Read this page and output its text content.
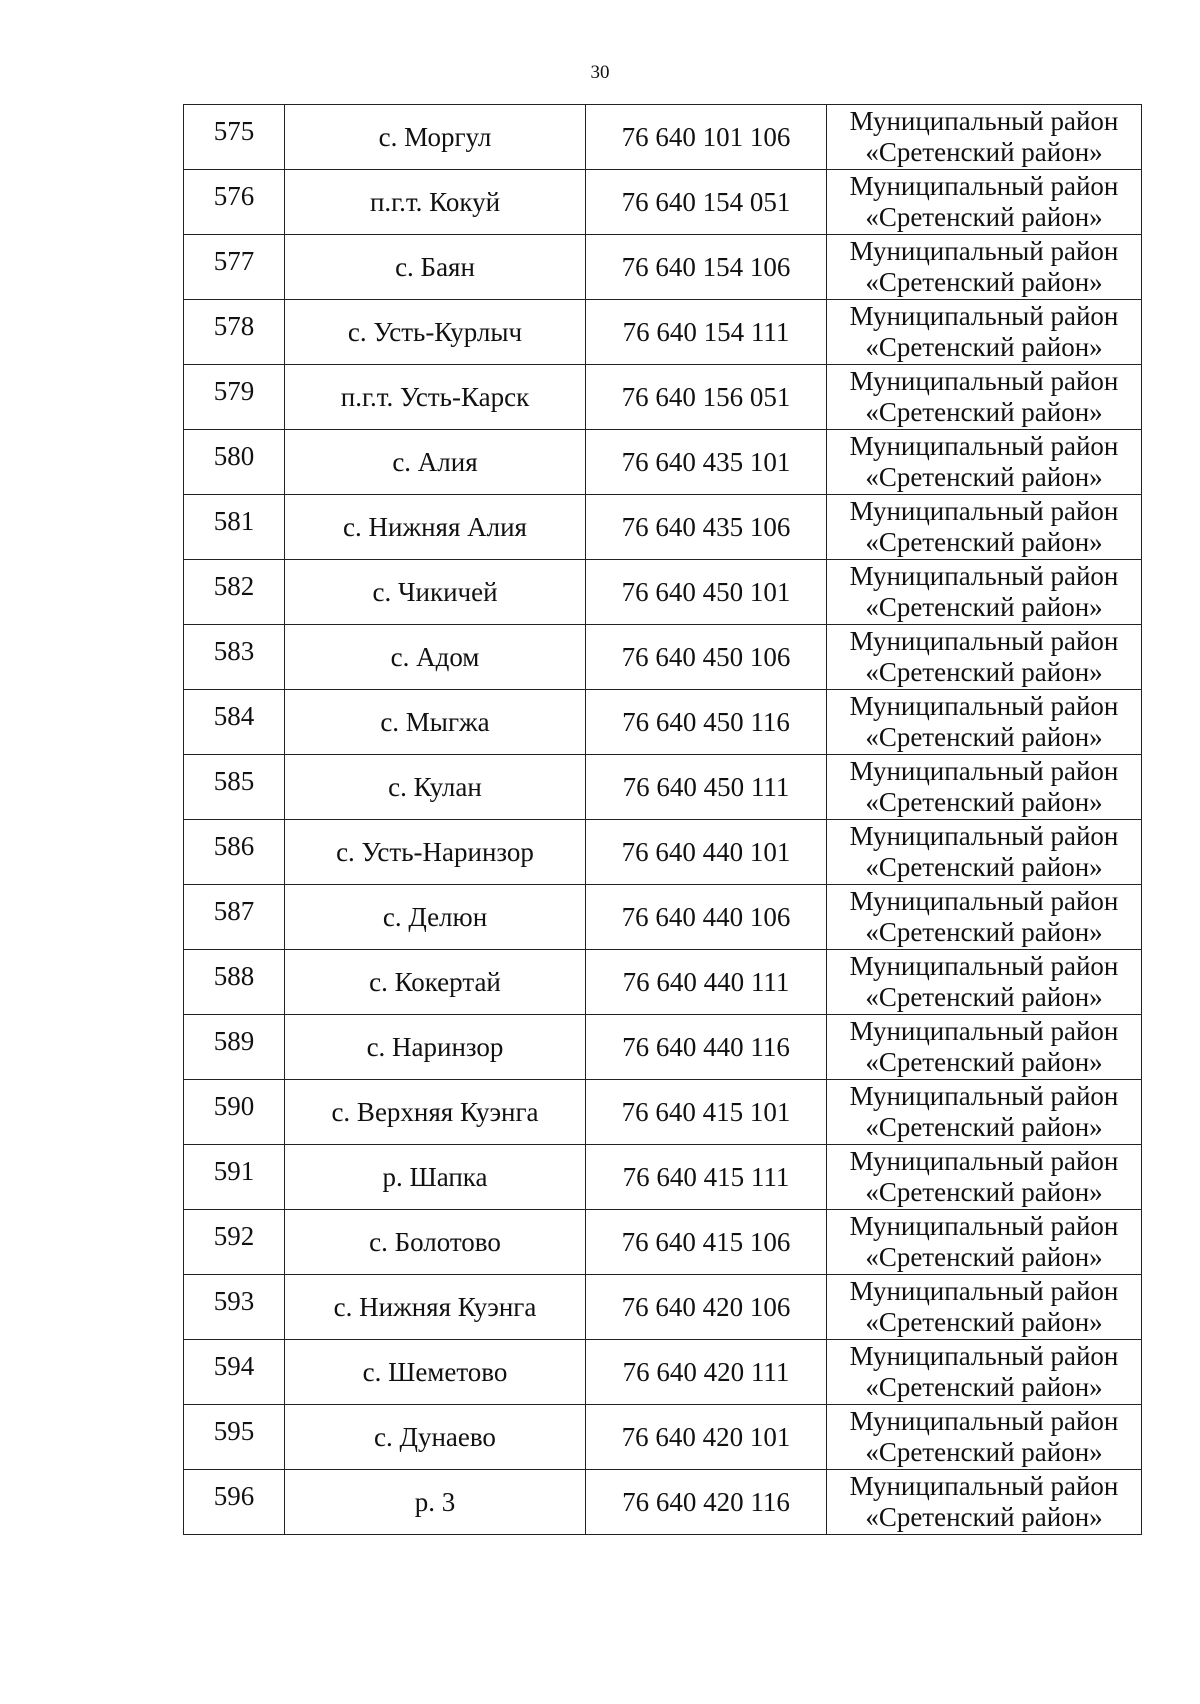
30
575	с. Моргул	76 640 101 106	Муниципальный район
«Сретенский район»

576	п.г.т. Кокуй	76 640 154 051	Муниципальный район
«Сретенский район»

577	с. Баян	76 640 154 106	Муниципальный район
«Сретенский район»

578	с. Усть-Курлыч	76 640 154 111	Муниципальный район
«Сретенский район»

579	п.г.т. Усть-Карск	76 640 156 051	Муниципальный район
«Сретенский район»

580	с. Алия	76 640 435 101	Муниципальный район
«Сретенский район»

581	с. Нижняя Алия	76 640 435 106	Муниципальный район
«Сретенский район»

582	с. Чикичей	76 640 450 101	Муниципальный район
«Сретенский район»

583	с. Адом	76 640 450 106	Муниципальный район
«Сретенский район»

584	с. Мыгжа	76 640 450 116	Муниципальный район
«Сретенский район»

585	с. Кулан	76 640 450 111	Муниципальный район
«Сретенский район»

586	с. Усть-Наринзор	76 640 440 101	Муниципальный район
«Сретенский район»

587	с. Делюн	76 640 440 106	Муниципальный район
«Сретенский район»

588	с. Кокертай	76 640 440 111	Муниципальный район
«Сретенский район»

589	с. Наринзор	76 640 440 116	Муниципальный район
«Сретенский район»

590	с. Верхняя Куэнга	76 640 415 101	Муниципальный район
«Сретенский район»

591	р. Шапка	76 640 415 111	Муниципальный район
«Сретенский район»

592	с. Болотово	76 640 415 106	Муниципальный район
«Сретенский район»

593	с. Нижняя Куэнга	76 640 420 106	Муниципальный район
«Сретенский район»

594	с. Шеметово	76 640 420 111	Муниципальный район
«Сретенский район»

595	с. Дунаево	76 640 420 101	Муниципальный район
«Сретенский район»

596	р. 3	76 640 420 116	Муниципальный район
«Сретенский район»
